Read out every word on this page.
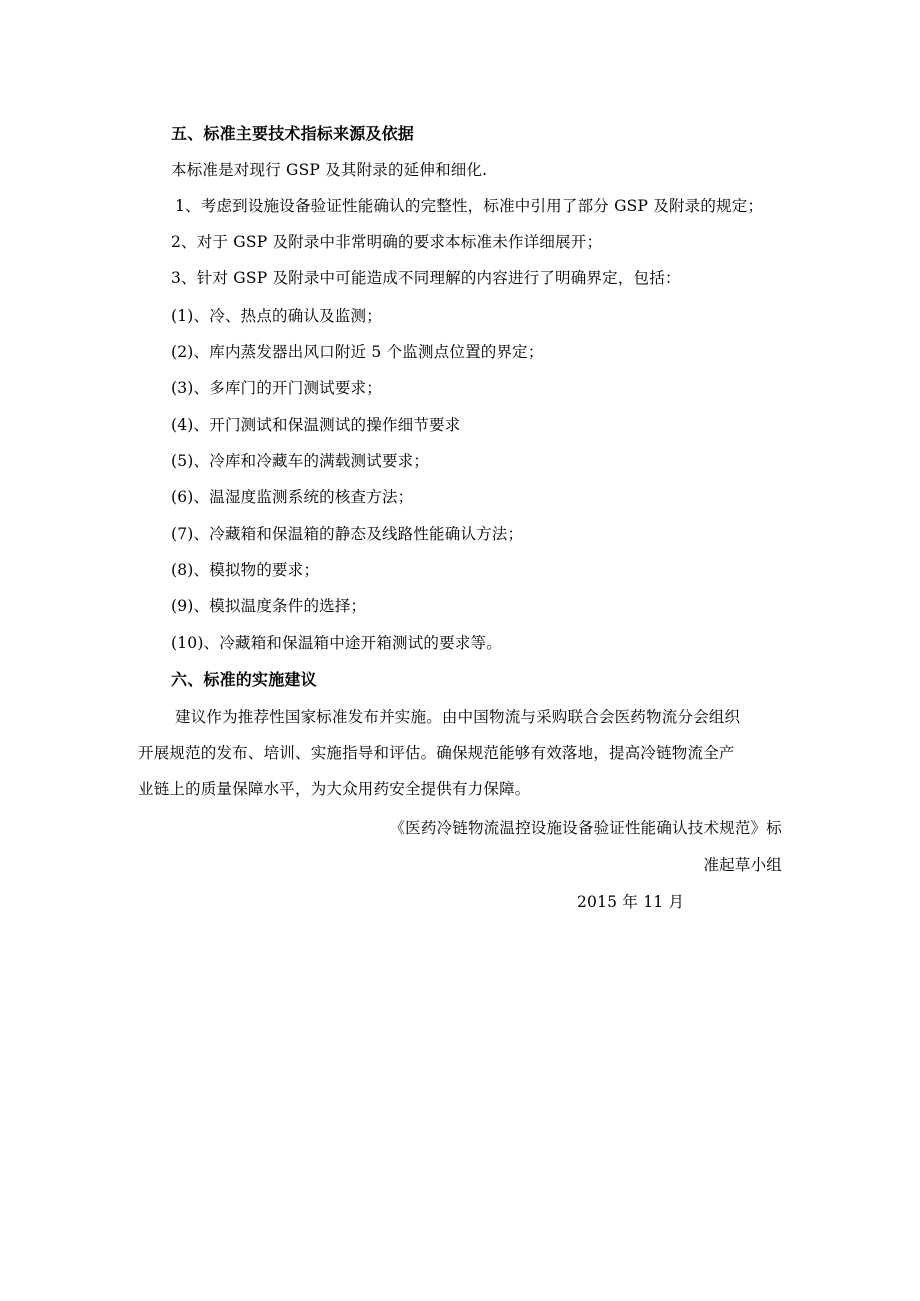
五、标准主要技术指标来源及依据
本标准是对现行 GSP 及其附录的延伸和细化.
1、考虑到设施设备验证性能确认的完整性，标准中引用了部分 GSP 及附录的规定；
2、对于 GSP 及附录中非常明确的要求本标准未作详细展开；
3、针对 GSP 及附录中可能造成不同理解的内容进行了明确界定，包括：
(1)、冷、热点的确认及监测；
(2)、库内蒸发器出风口附近 5 个监测点位置的界定；
(3)、多库门的开门测试要求；
(4)、开门测试和保温测试的操作细节要求
(5)、冷库和冷藏车的满载测试要求；
(6)、温湿度监测系统的核查方法；
(7)、冷藏箱和保温箱的静态及线路性能确认方法；
(8)、模拟物的要求；
(9)、模拟温度条件的选择；
(10)、冷藏箱和保温箱中途开箱测试的要求等。
六、标准的实施建议
建议作为推荐性国家标准发布并实施。由中国物流与采购联合会医药物流分会组织
开展规范的发布、培训、实施指导和评估。确保规范能够有效落地，提高冷链物流全产
业链上的质量保障水平，为大众用药安全提供有力保障。
《医药冷链物流温控设施设备验证性能确认技术规范》标
准起草小组
2015 年 11 月
